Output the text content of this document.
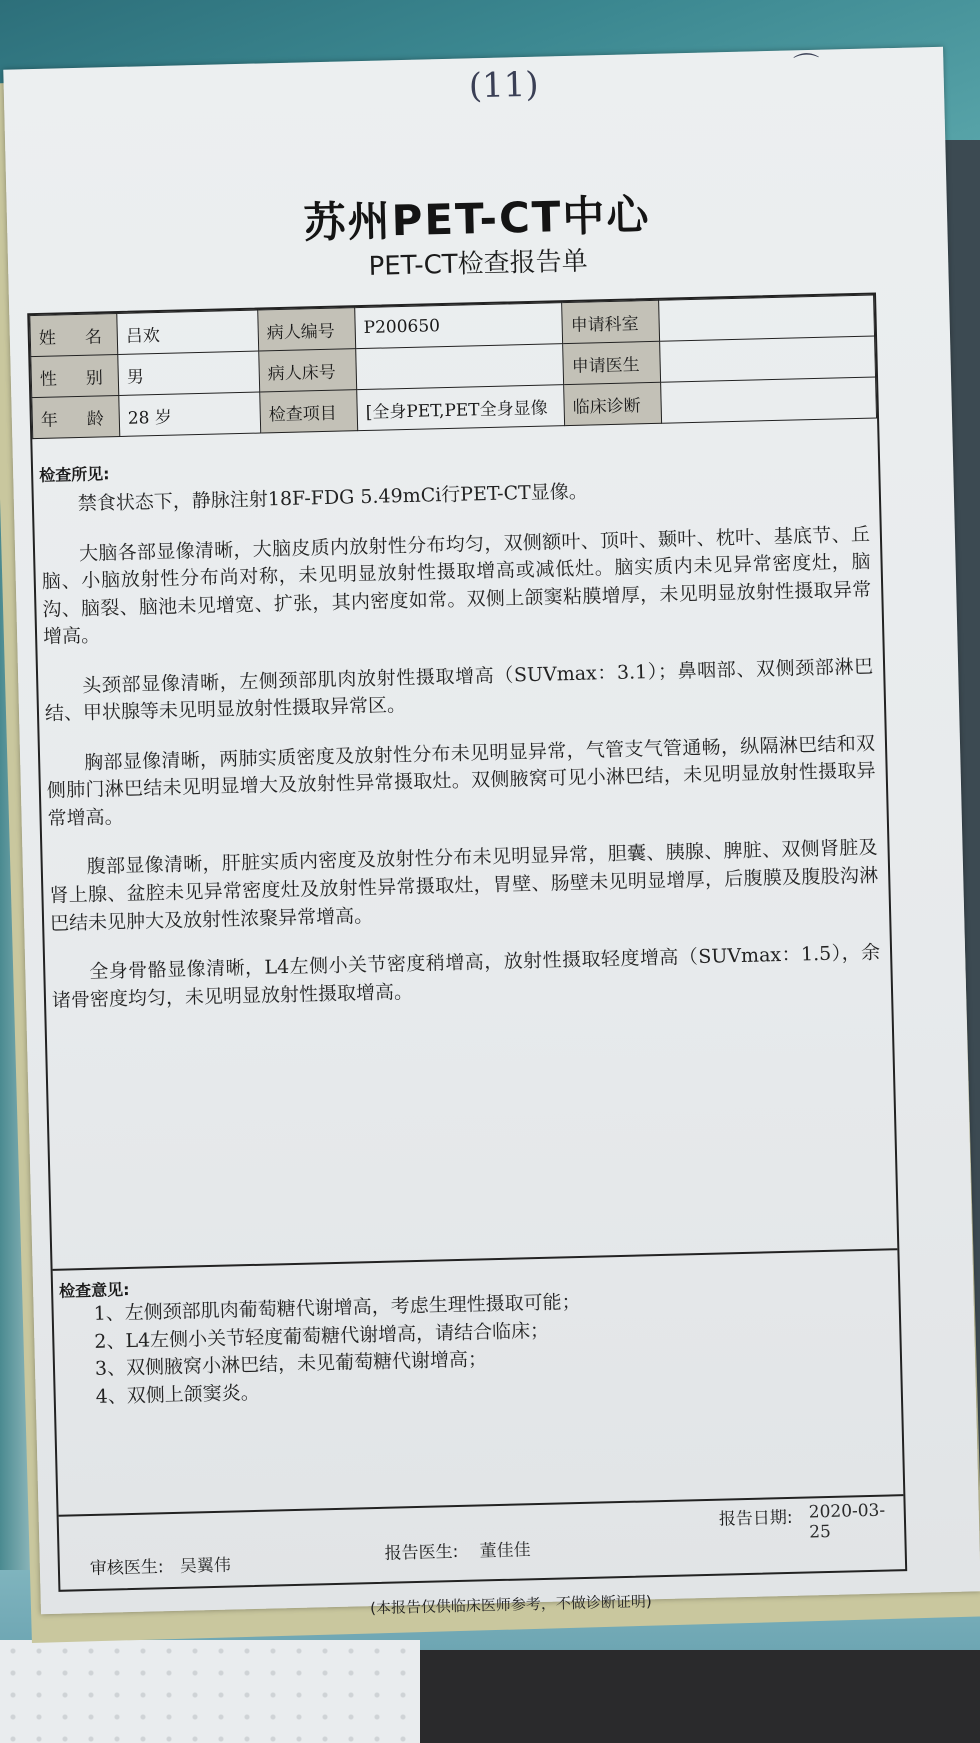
(11)	⌒
苏州PET-CT中心
PET-CT检查报告单
姓　名	吕欢	病人编号	P200650	申请科室	
性　别	男	病人床号		申请医生	
年　龄	28 岁	检查项目	[全身PET,PET全身显像	临床诊断	
检查所见:

禁食状态下，静脉注射18F-FDG 5.49mCi行PET-CT显像。

大脑各部显像清晰，大脑皮质内放射性分布均匀，双侧额叶、顶叶、颞叶、枕叶、基底节、丘脑、小脑放射性分布尚对称，未见明显放射性摄取增高或减低灶。脑实质内未见异常密度灶，脑沟、脑裂、脑池未见增宽、扩张，其内密度如常。双侧上颌窦粘膜增厚，未见明显放射性摄取异常增高。

头颈部显像清晰，左侧颈部肌肉放射性摄取增高（SUVmax：3.1）；鼻咽部、双侧颈部淋巴结、甲状腺等未见明显放射性摄取异常区。

胸部显像清晰，两肺实质密度及放射性分布未见明显异常，气管支气管通畅，纵隔淋巴结和双侧肺门淋巴结未见明显增大及放射性异常摄取灶。双侧腋窝可见小淋巴结，未见明显放射性摄取异常增高。

腹部显像清晰，肝脏实质内密度及放射性分布未见明显异常，胆囊、胰腺、脾脏、双侧肾脏及肾上腺、盆腔未见异常密度灶及放射性异常摄取灶，胃壁、肠壁未见明显增厚，后腹膜及腹股沟淋巴结未见肿大及放射性浓聚异常增高。

全身骨骼显像清晰，L4左侧小关节密度稍增高，放射性摄取轻度增高（SUVmax：1.5），余诸骨密度均匀，未见明显放射性摄取增高。

检查意见:
1、左侧颈部肌肉葡萄糖代谢增高，考虑生理性摄取可能；
2、L4左侧小关节轻度葡萄糖代谢增高，请结合临床；
3、双侧腋窝小淋巴结，未见葡萄糖代谢增高；
4、双侧上颌窦炎。
报告日期: 2020-03-25
审核医生: 吴翼伟
报告医生: 董佳佳
(本报告仅供临床医师参考，不做诊断证明)
